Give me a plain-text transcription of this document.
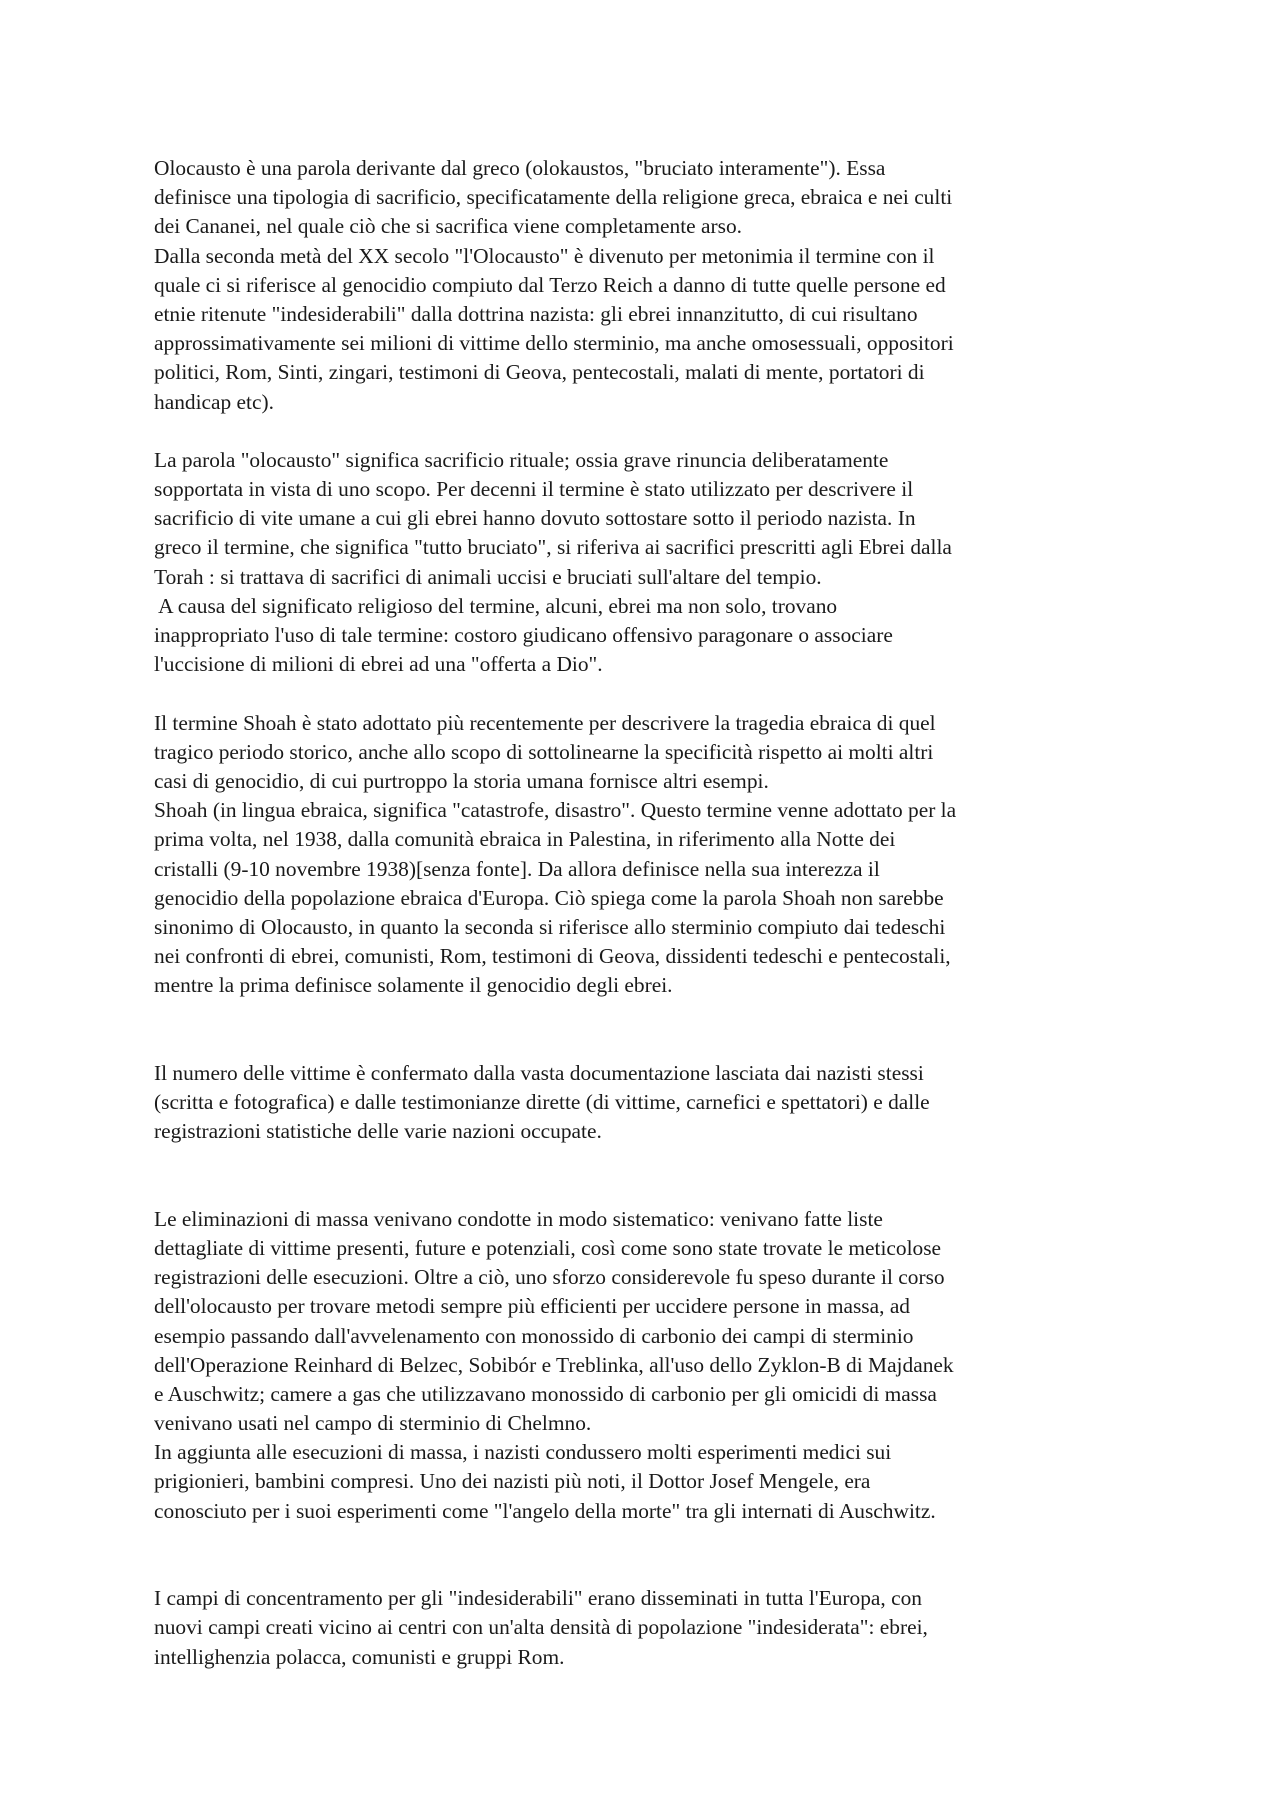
Olocausto è una parola derivante dal greco (olokaustos, "bruciato interamente"). Essa
definisce una tipologia di sacrificio, specificatamente della religione greca, ebraica e nei culti
dei Cananei, nel quale ciò che si sacrifica viene completamente arso.
Dalla seconda metà del XX secolo "l'Olocausto" è divenuto per metonimia il termine con il
quale ci si riferisce al genocidio compiuto dal Terzo Reich a danno di tutte quelle persone ed
etnie ritenute "indesiderabili" dalla dottrina nazista: gli ebrei innanzitutto, di cui risultano
approssimativamente sei milioni di vittime dello sterminio, ma anche omosessuali, oppositori
politici, Rom, Sinti, zingari, testimoni di Geova, pentecostali, malati di mente, portatori di
handicap etc).
La parola "olocausto" significa sacrificio rituale; ossia grave rinuncia deliberatamente
sopportata in vista di uno scopo. Per decenni il termine è stato utilizzato per descrivere il
sacrificio di vite umane a cui gli ebrei hanno dovuto sottostare sotto il periodo nazista. In
greco il termine, che significa "tutto bruciato", si riferiva ai sacrifici prescritti agli Ebrei dalla
Torah : si trattava di sacrifici di animali uccisi e bruciati sull'altare del tempio.
A causa del significato religioso del termine, alcuni, ebrei ma non solo, trovano
inappropriato l'uso di tale termine: costoro giudicano offensivo paragonare o associare
l'uccisione di milioni di ebrei ad una "offerta a Dio".
Il termine Shoah è stato adottato più recentemente per descrivere la tragedia ebraica di quel
tragico periodo storico, anche allo scopo di sottolinearne la specificità rispetto ai molti altri
casi di genocidio, di cui purtroppo la storia umana fornisce altri esempi.
Shoah (in lingua ebraica, significa "catastrofe, disastro". Questo termine venne adottato per la
prima volta, nel 1938, dalla comunità ebraica in Palestina, in riferimento alla Notte dei
cristalli (9-10 novembre 1938)[senza fonte]. Da allora definisce nella sua interezza il
genocidio della popolazione ebraica d'Europa. Ciò spiega come la parola Shoah non sarebbe
sinonimo di Olocausto, in quanto la seconda si riferisce allo sterminio compiuto dai tedeschi
nei confronti di ebrei, comunisti, Rom, testimoni di Geova, dissidenti tedeschi e pentecostali,
mentre la prima definisce solamente il genocidio degli ebrei.
Il numero delle vittime è confermato dalla vasta documentazione lasciata dai nazisti stessi
(scritta e fotografica) e dalle testimonianze dirette (di vittime, carnefici e spettatori) e dalle
registrazioni statistiche delle varie nazioni occupate.
Le eliminazioni di massa venivano condotte in modo sistematico: venivano fatte liste
dettagliate di vittime presenti, future e potenziali, così come sono state trovate le meticolose
registrazioni delle esecuzioni. Oltre a ciò, uno sforzo considerevole fu speso durante il corso
dell'olocausto per trovare metodi sempre più efficienti per uccidere persone in massa, ad
esempio passando dall'avvelenamento con monossido di carbonio dei campi di sterminio
dell'Operazione Reinhard di Belzec, Sobibór e Treblinka, all'uso dello Zyklon-B di Majdanek
e Auschwitz; camere a gas che utilizzavano monossido di carbonio per gli omicidi di massa
venivano usati nel campo di sterminio di Chelmno.
In aggiunta alle esecuzioni di massa, i nazisti condussero molti esperimenti medici sui
prigionieri, bambini compresi. Uno dei nazisti più noti, il Dottor Josef Mengele, era
conosciuto per i suoi esperimenti come "l'angelo della morte" tra gli internati di Auschwitz.
I campi di concentramento per gli "indesiderabili" erano disseminati in tutta l'Europa, con
nuovi campi creati vicino ai centri con un'alta densità di popolazione "indesiderata": ebrei,
intellighenzia polacca, comunisti e gruppi Rom.
